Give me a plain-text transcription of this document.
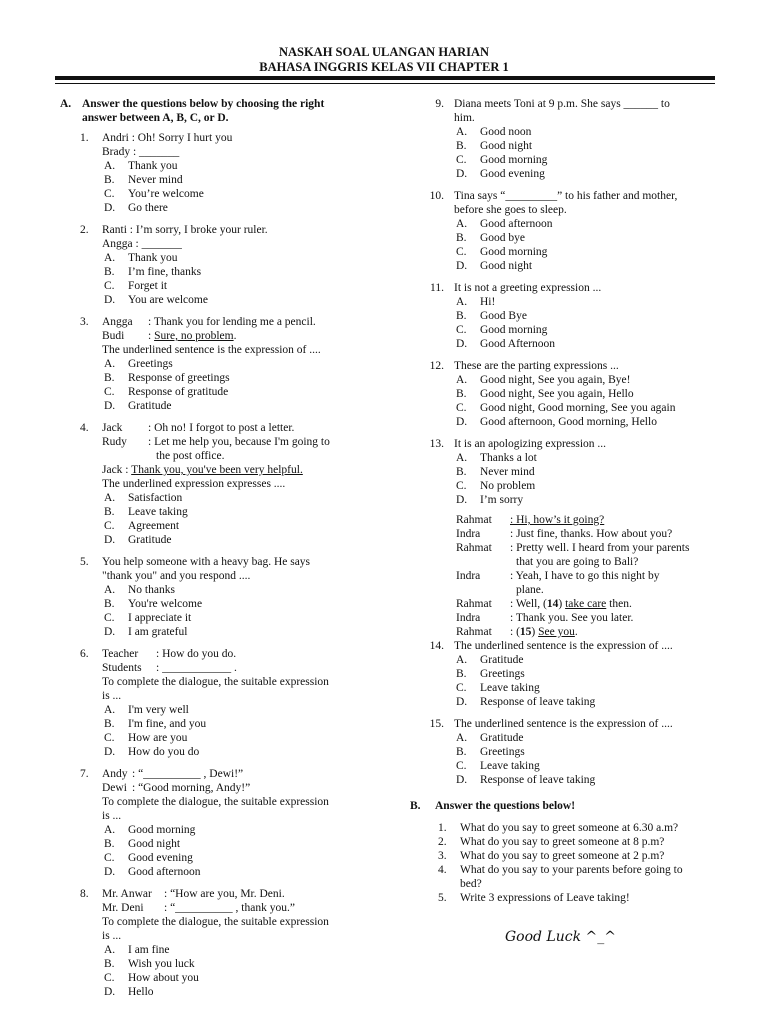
NASKAH SOAL ULANGAN HARIAN
BAHASA INGGRIS KELAS VII CHAPTER 1
A. Answer the questions below by choosing the right
answer between A, B, C, or D.
1. Andri : Oh! Sorry I hurt you
Brady : _______
A. Thank you
B. Never mind
C. You’re welcome
D. Go there
2. Ranti : I’m sorry, I broke your ruler.
Angga : _______
A. Thank you
B. I’m fine, thanks
C. Forget it
D. You are welcome
3. Angga	: Thank you for lending me a pencil.
Budi	: Sure, no problem.
The underlined sentence is the expression of ....
A. Greetings
B. Response of greetings
C. Response of gratitude
D. Gratitude
4. Jack	: Oh no! I forgot to post a letter.
Rudy	: Let me help you, because I'm going to
the post office.
Jack : Thank you, you've been very helpful.
The underlined expression expresses ....
A. Satisfaction
B. Leave taking
C. Agreement
D. Gratitude
5. You help someone with a heavy bag. He says
"thank you" and you respond ....
A. No thanks
B. You're welcome
C. I appreciate it
D. I am grateful
6. Teacher	: How do you do.
Students	: ____________ .
To complete the dialogue, the suitable expression
is ...
A. I'm very well
B. I'm fine, and you
C. How are you
D. How do you do
7. Andy : “__________ , Dewi!”
Dewi : “Good morning, Andy!”
To complete the dialogue, the suitable expression
is ...
A. Good morning
B. Good night
C. Good evening
D. Good afternoon
8. Mr. Anwar	: “How are you, Mr. Deni.
Mr. Deni	: “__________ , thank you.”
To complete the dialogue, the suitable expression
is ...
A. I am fine
B. Wish you luck
C. How about you
D. Hello
9. Diana meets Toni at 9 p.m. She says ______ to
him.
A. Good noon
B. Good night
C. Good morning
D. Good evening
10. Tina says “_________” to his father and mother,
before she goes to sleep.
A. Good afternoon
B. Good bye
C. Good morning
D. Good night
11. It is not a greeting expression ...
A. Hi!
B. Good Bye
C. Good morning
D. Good Afternoon
12. These are the parting expressions ...
A. Good night, See you again, Bye!
B. Good night, See you again, Hello
C. Good night, Good morning, See you again
D. Good afternoon, Good morning, Hello
13. It is an apologizing expression ...
A. Thanks a lot
B. Never mind
C. No problem
D. I’m sorry
Rahmat	: Hi, how’s it going?
Indra	: Just fine, thanks. How about you?
Rahmat	: Pretty well. I heard from your parents
that you are going to Bali?
Indra	: Yeah, I have to go this night by
plane.
Rahmat	: Well, (14) take care then.
Indra	: Thank you. See you later.
Rahmat	: (15) See you.
14. The underlined sentence is the expression of ....
A. Gratitude
B. Greetings
C. Leave taking
D. Response of leave taking
15. The underlined sentence is the expression of ....
A. Gratitude
B. Greetings
C. Leave taking
D. Response of leave taking
B. Answer the questions below!
1. What do you say to greet someone at 6.30 a.m?
2. What do you say to greet someone at 8 p.m?
3. What do you say to greet someone at 2 p.m?
4. What do you say to your parents before going to
bed?
5. Write 3 expressions of Leave taking!
Good Luck ^_^
